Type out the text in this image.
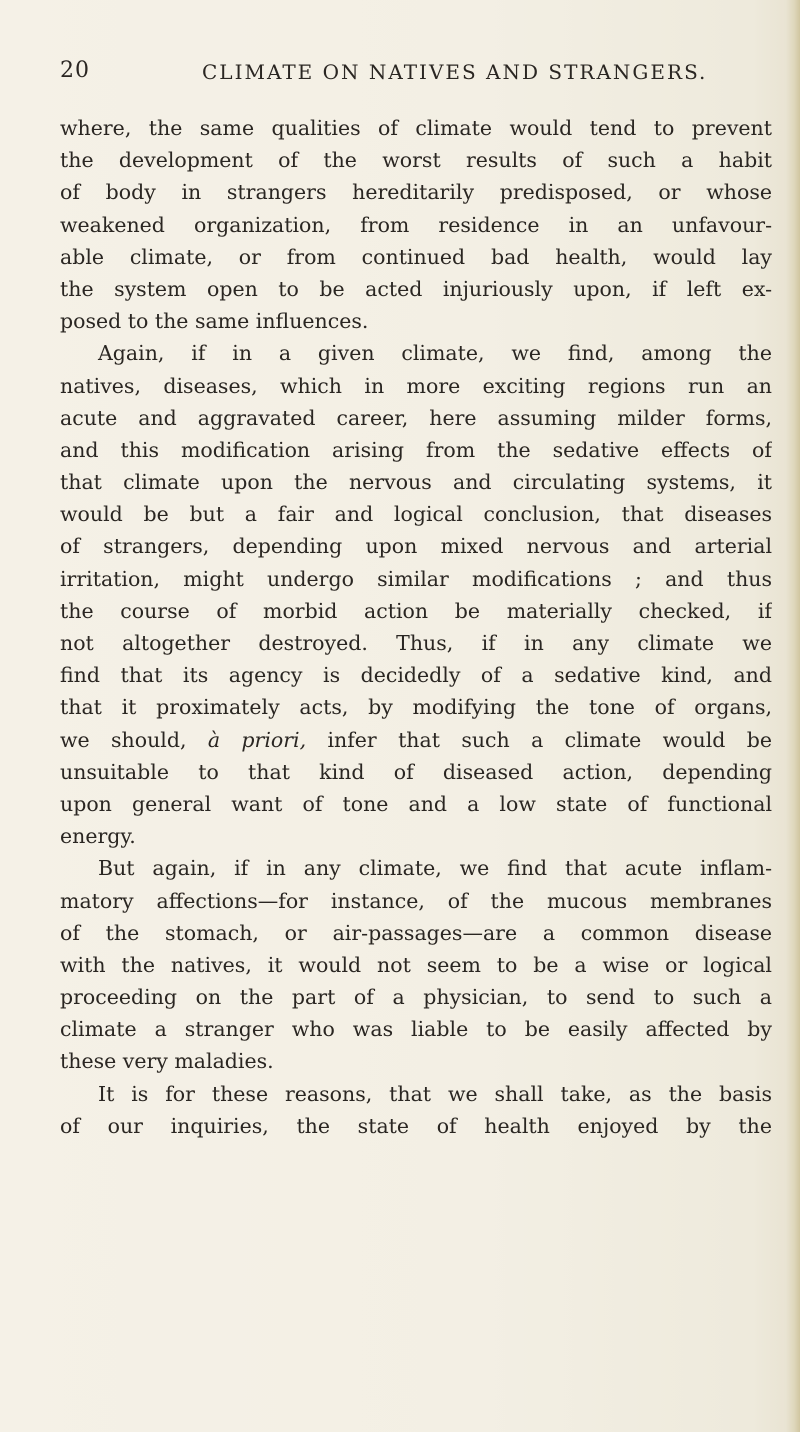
20	CLIMATE ON NATIVES AND STRANGERS.
where, the same qualities of climate would tend to prevent
the development of the worst results of such a habit
of body in strangers hereditarily predisposed, or whose
weakened organization, from residence in an unfavour-
able climate, or from continued bad health, would lay
the system open to be acted injuriously upon, if left ex-
posed to the same influences.
Again, if in a given climate, we find, among the
natives, diseases, which in more exciting regions run an
acute and aggravated career, here assuming milder forms,
and this modification arising from the sedative effects of
that climate upon the nervous and circulating systems, it
would be but a fair and logical conclusion, that diseases
of strangers, depending upon mixed nervous and arterial
irritation, might undergo similar modifications ; and thus
the course of morbid action be materially checked, if
not altogether destroyed. Thus, if in any climate we
find that its agency is decidedly of a sedative kind, and
that it proximately acts, by modifying the tone of organs,
we should, à priori, infer that such a climate would be
unsuitable to that kind of diseased action, depending
upon general want of tone and a low state of functional
energy.
But again, if in any climate, we find that acute inflam-
matory affections—for instance, of the mucous membranes
of the stomach, or air-passages—are a common disease
with the natives, it would not seem to be a wise or logical
proceeding on the part of a physician, to send to such a
climate a stranger who was liable to be easily affected by
these very maladies.
It is for these reasons, that we shall take, as the basis
of our inquiries, the state of health enjoyed by the
